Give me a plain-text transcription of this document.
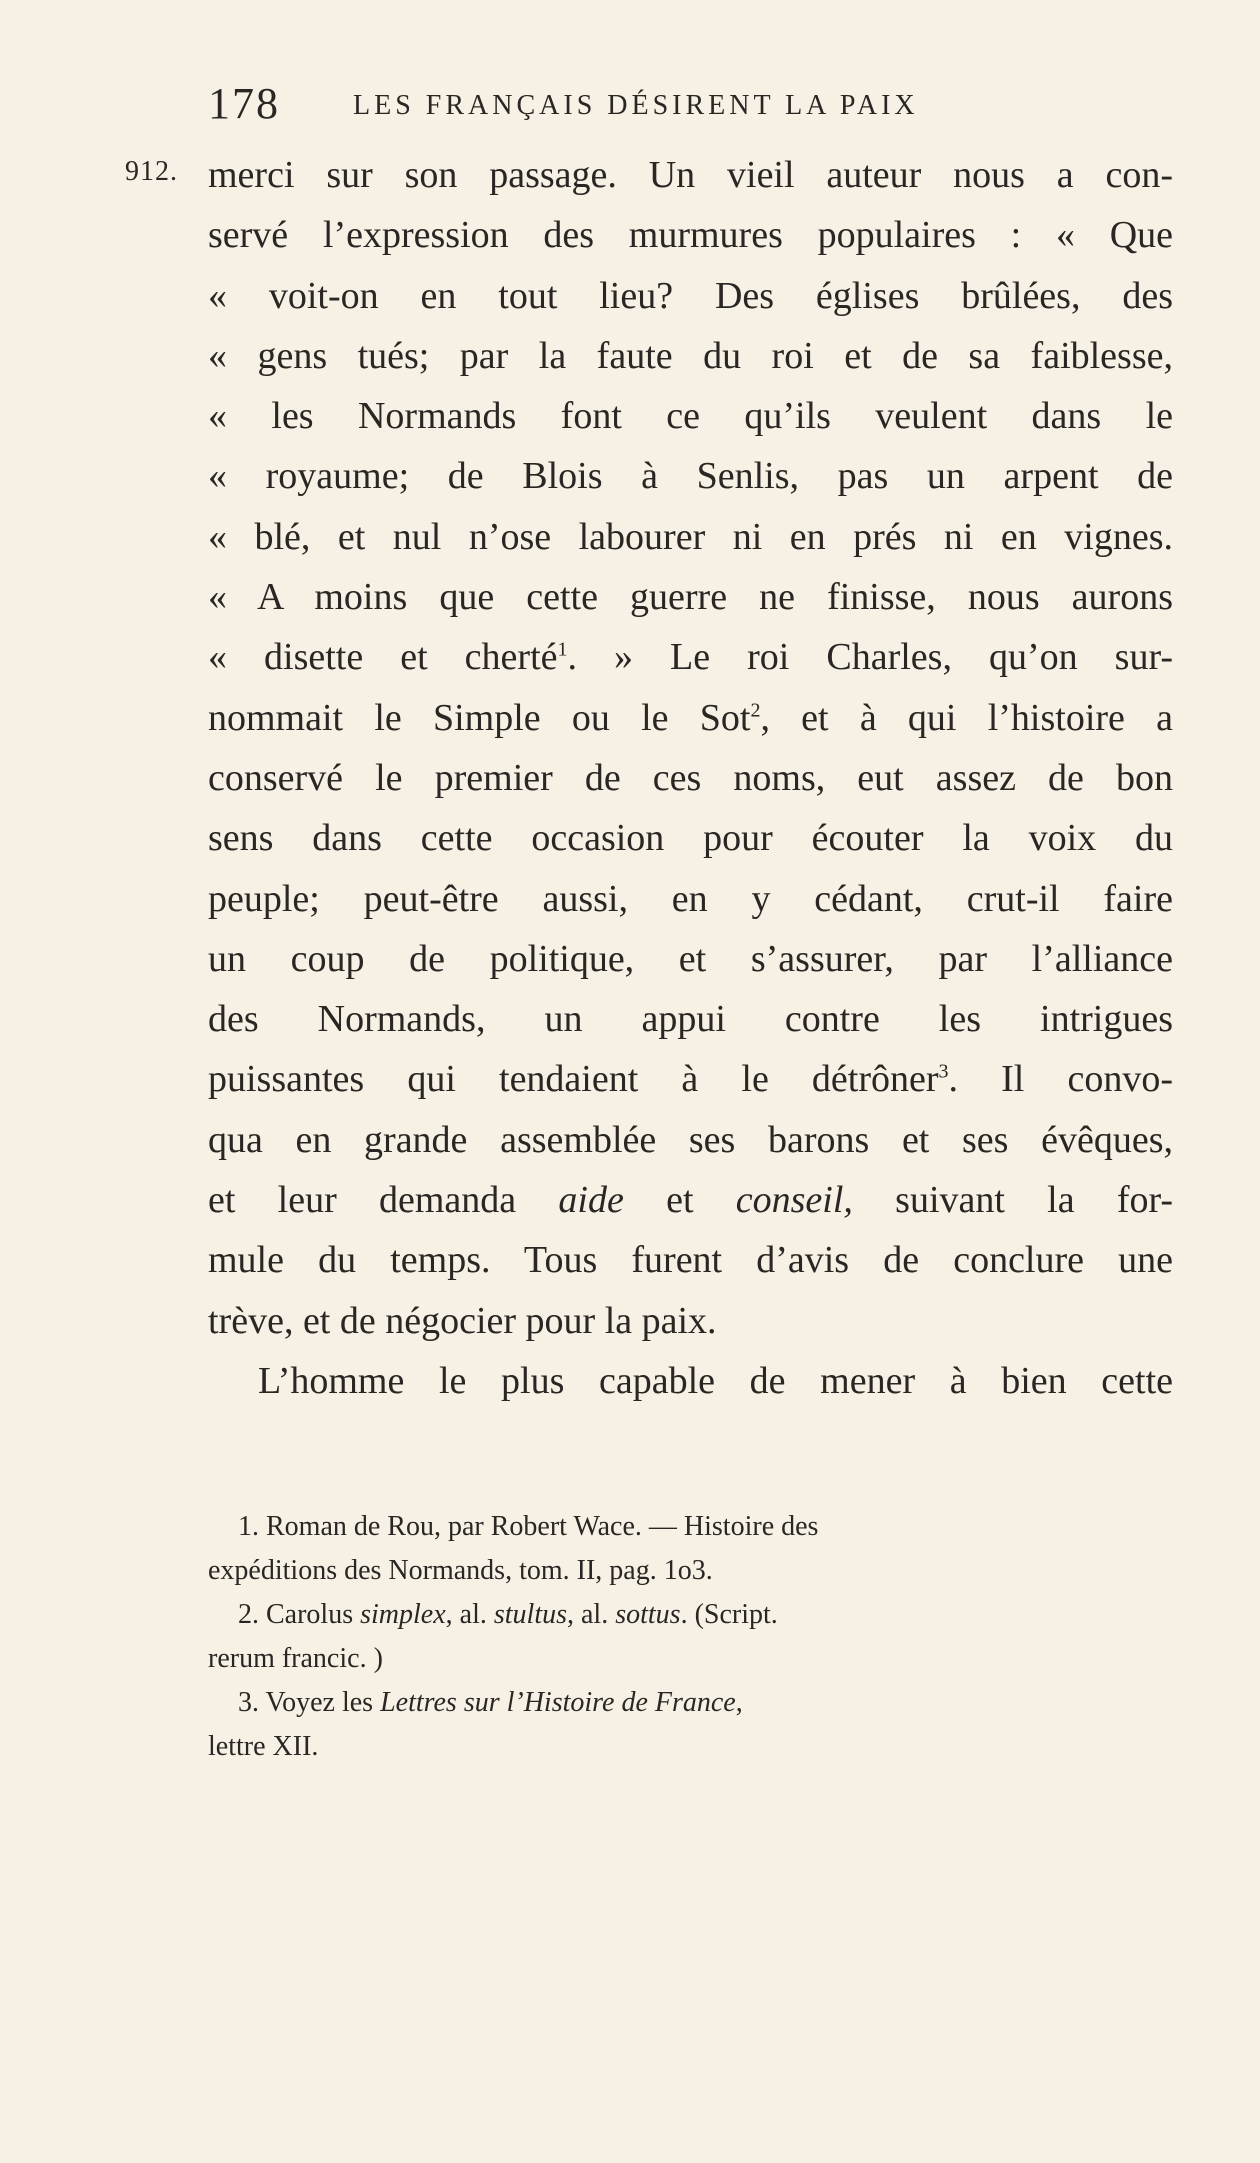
178	LES FRANÇAIS DÉSIRENT LA PAIX
912. merci sur son passage. Un vieil auteur nous a con-
servé l’expression des murmures populaires : « Que
« voit-on en tout lieu? Des églises brûlées, des
« gens tués; par la faute du roi et de sa faiblesse,
« les Normands font ce qu’ils veulent dans le
« royaume; de Blois à Senlis, pas un arpent de
« blé, et nul n’ose labourer ni en prés ni en vignes.
« A moins que cette guerre ne finisse, nous aurons
« disette et cherté$^1$. » Le roi Charles, qu’on sur-
nommait le Simple ou le Sot$^2$, et à qui l’histoire a
conservé le premier de ces noms, eut assez de bon
sens dans cette occasion pour écouter la voix du
peuple; peut-être aussi, en y cédant, crut-il faire
un coup de politique, et s’assurer, par l’alliance
des Normands, un appui contre les intrigues
puissantes qui tendaient à le détrôner$^3$. Il convo-
qua en grande assemblée ses barons et ses évêques,
et leur demanda aide et conseil, suivant la for-
mule du temps. Tous furent d’avis de conclure une
trève, et de négocier pour la paix.
L’homme le plus capable de mener à bien cette
1. Roman de Rou, par Robert Wace. — Histoire des
expéditions des Normands, tom. II, pag. 1o3.
2. Carolus simplex, al. stultus, al. sottus. (Script.
rerum francic. )
3. Voyez les Lettres sur l’Histoire de France,
lettre XII.
